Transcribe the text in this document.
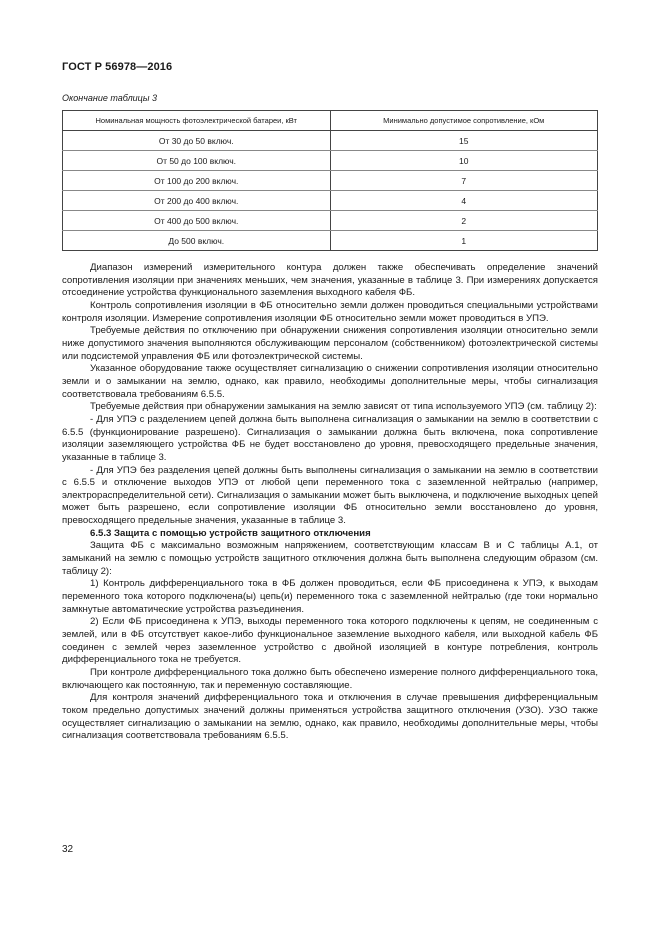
ГОСТ Р 56978—2016
Окончание таблицы 3
Номинальная мощность фотоэлектрической батареи, кВт	Минимально допустимое сопротивление, кОм
От 30 до 50 включ.	15
От 50 до 100 включ.	10
От 100 до 200 включ.	7
От 200 до 400 включ.	4
От 400 до 500 включ.	2
До 500 включ.	1

Диапазон измерений измерительного контура должен также обеспечивать определение значений сопротивления изоляции при значениях меньших, чем значения, указанные в таблице 3. При измерениях допускается отсоединение устройства функционального заземления выходного кабеля ФБ.

Контроль сопротивления изоляции в ФБ относительно земли должен проводиться специальными устройствами контроля изоляции. Измерение сопротивления изоляции ФБ относительно земли может проводиться в УПЭ.

Требуемые действия по отключению при обнаружении снижения сопротивления изоляции относительно земли ниже допустимого значения выполняются обслуживающим персоналом (собственником) фотоэлектрической системы или подсистемой управления ФБ или фотоэлектрической системы.

Указанное оборудование также осуществляет сигнализацию о снижении сопротивления изоляции относительно земли и о замыкании на землю, однако, как правило, необходимы дополнительные меры, чтобы сигнализация соответствовала требованиям 6.5.5.

Требуемые действия при обнаружении замыкания на землю зависят от типа используемого УПЭ (см. таблицу 2):

- Для УПЭ с разделением цепей должна быть выполнена сигнализация о замыкании на землю в соответствии с 6.5.5 (функционирование разрешено). Сигнализация о замыкании должна быть включена, пока сопротивление изоляции заземляющего устройства ФБ не будет восстановлено до уровня, превосходящего предельные значения, указанные в таблице 3.

- Для УПЭ без разделения цепей должны быть выполнены сигнализация о замыкании на землю в соответствии с 6.5.5 и отключение выходов УПЭ от любой цепи переменного тока с заземленной нейтралью (например, электрораспределительной сети). Сигнализация о замыкании может быть выключена, и подключение выходных цепей может быть разрешено, если сопротивление изоляции ФБ относительно земли восстановлено до уровня, превосходящего предельные значения, указанные в таблице 3.

6.5.3 Защита с помощью устройств защитного отключения

Защита ФБ с максимально возможным напряжением, соответствующим классам В и С таблицы А.1, от замыканий на землю с помощью устройств защитного отключения должна быть выполнена следующим образом (см. таблицу 2):

1) Контроль дифференциального тока в ФБ должен проводиться, если ФБ присоединена к УПЭ, к выходам переменного тока которого подключена(ы) цепь(и) переменного тока с заземленной нейтралью (где токи нормально замкнутые автоматические устройства разъединения.

2) Если ФБ присоединена к УПЭ, выходы переменного тока которого подключены к цепям, не соединенным с землей, или в ФБ отсутствует какое-либо функциональное заземление выходного кабеля, или выходной кабель ФБ соединен с землей через заземленное устройство с двойной изоляцией в контуре потребления, контроль дифференциального тока не требуется.

При контроле дифференциального тока должно быть обеспечено измерение полного дифференциального тока, включающего как постоянную, так и переменную составляющие.

Для контроля значений дифференциального тока и отключения в случае превышения дифференциальным током предельно допустимых значений должны применяться устройства защитного отключения (УЗО). УЗО также осуществляет сигнализацию о замыкании на землю, однако, как правило, необходимы дополнительные меры, чтобы сигнализация соответствовала требованиям 6.5.5.

32
